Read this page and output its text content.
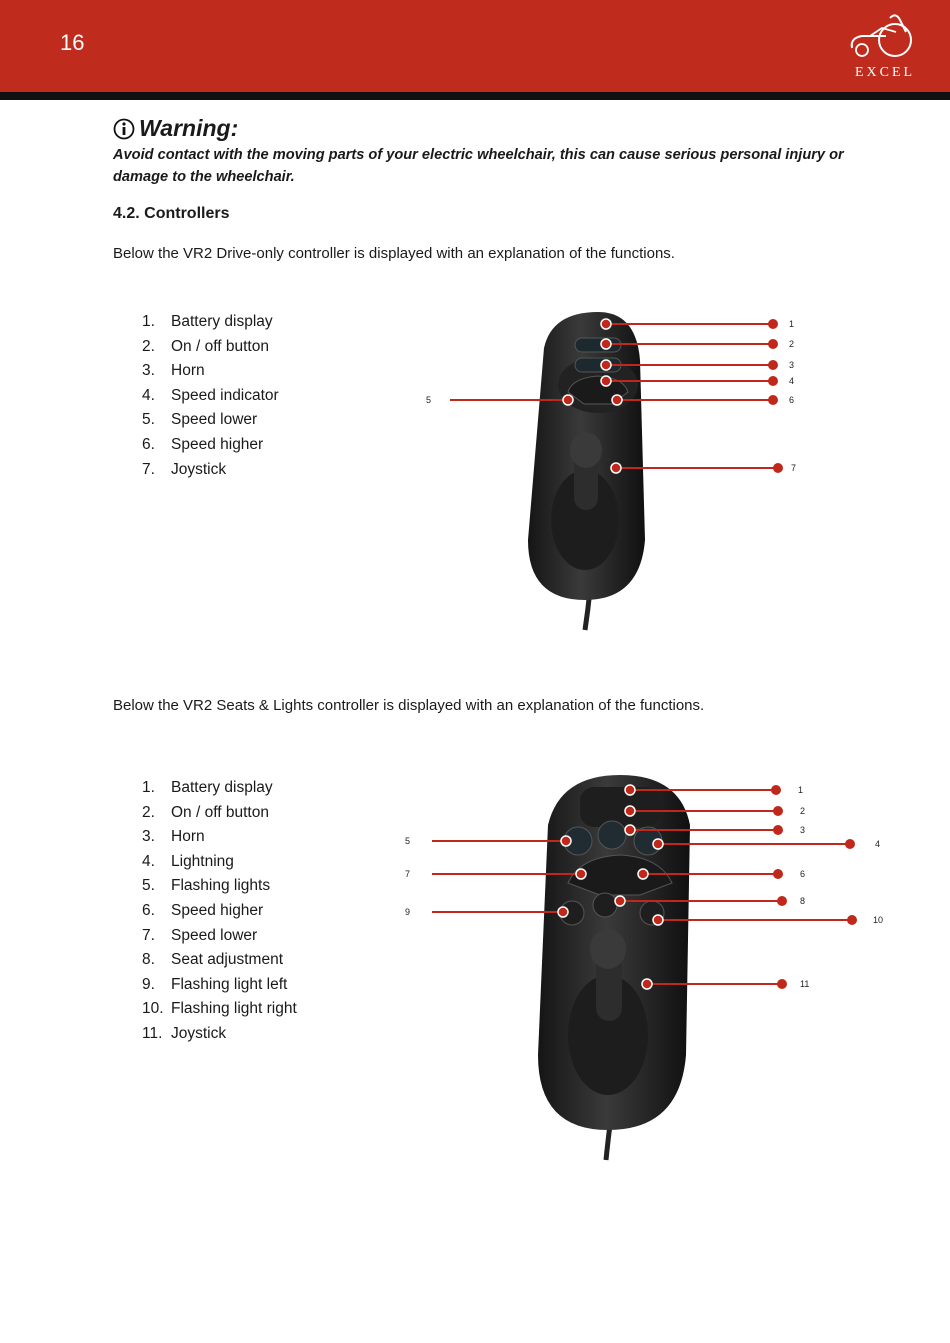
16
EXCEL
Warning:
Avoid contact with the moving parts of your electric wheelchair, this can cause serious personal injury or damage to the wheelchair.
4.2. Controllers
Below the VR2 Drive-only controller is displayed with an explanation of the functions.
1.	Battery display
2.	On / off button
3.	Horn
4.	Speed indicator
5.	Speed lower
6.	Speed higher
7.	Joystick
1
2
3
4
5	6
7
Below the VR2 Seats & Lights controller is displayed with an explanation of the functions.
1.	Battery display
2.	On / off button
3.	Horn
4.	Lightning
5.	Flashing lights
6.	Speed higher
7.	Speed lower
8.	Seat adjustment
9.	Flashing light left
10. Flashing light right
11. Joystick
1
2
3
4
5
6
7
8
9
10
11
